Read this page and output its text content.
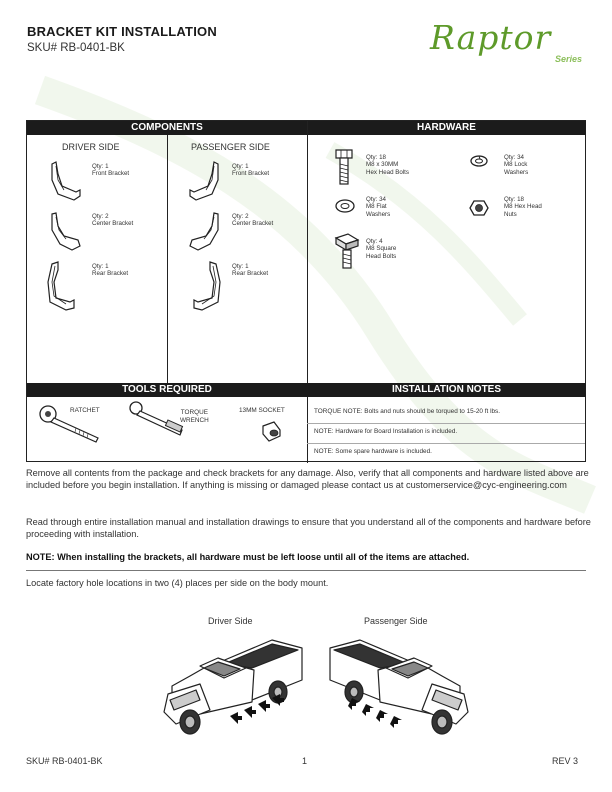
BRACKET KIT INSTALLATION
SKU# RB-0401-BK	Raptor
Series
COMPONENTS	HARDWARE
TOOLS REQUIRED	INSTALLATION NOTES
DRIVER SIDE	PASSENGER SIDE
Qty: 1
Front Bracket
Qty: 2
Center Bracket
Qty: 1
Rear Bracket
Qty: 1
Front Bracket
Qty: 2
Center Bracket
Qty: 1
Rear Bracket
Qty: 18
M8 x 30MM
Hex Head Bolts
Qty: 34
M8 Lock
Washers
Qty: 34
M8 Flat
Washers
Qty: 18
M8 Hex Head
Nuts
Qty: 4
M8 Square
Head Bolts
RATCHET	TORQUE
WRENCH
13MM SOCKET	TORQUE NOTE: Bolts and nuts should be torqued to 15-20 ft lbs.
NOTE: Hardware for Board Installation is included.
NOTE: Some spare hardware is included.
Remove all contents from the package and check brackets for any damage. Also, verify that all components and hardware listed above are included before you begin installation. If anything is missing or damaged please contact us at customerservice@cyc-engineering.com
Read through entire installation manual and installation drawings to ensure that you understand all of the components and hardware before proceeding with installation.
NOTE: When installing the brackets, all hardware must be left loose until all of the items are attached.
Locate factory hole locations in two (4) places per side on the body mount.
Driver Side	Passenger Side
SKU# RB-0401-BK	1	REV 3
